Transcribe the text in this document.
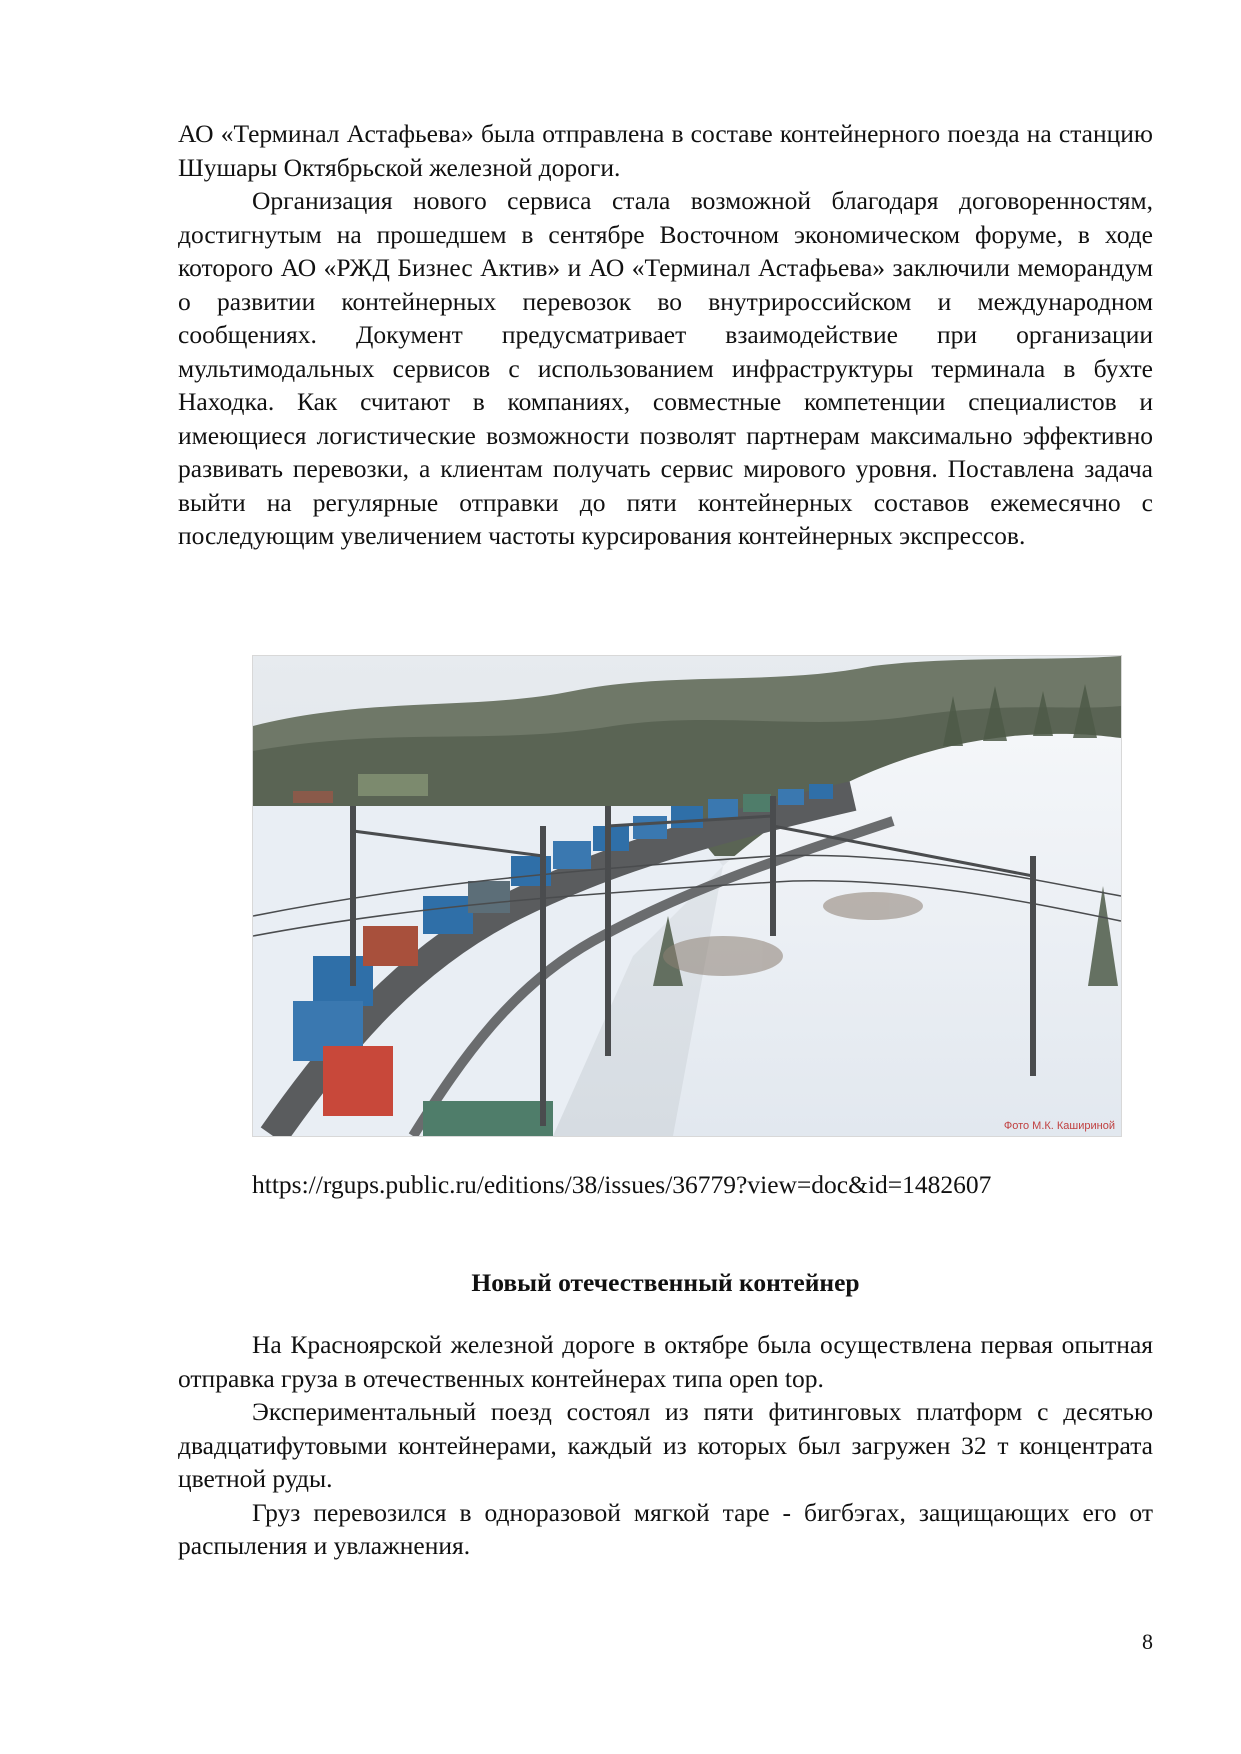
АО «Терминал Астафьева» была отправлена в составе контейнерного поезда на станцию Шушары Октябрьской железной дороги.

Организация нового сервиса стала возможной благодаря договоренностям, достигнутым на прошедшем в сентябре Восточном экономическом форуме, в ходе которого АО «РЖД Бизнес Актив» и АО «Терминал Астафьева» заключили меморандум о развитии контейнерных перевозок во внутрироссийском и международном сообщениях. Документ предусматривает взаимодействие при организации мультимодальных сервисов с использованием инфраструктуры терминала в бухте Находка. Как считают в компаниях, совместные компетенции специалистов и имеющиеся логистические возможности позволят партнерам максимально эффективно развивать перевозки, а клиентам получать сервис мирового уровня. Поставлена задача выйти на регулярные отправки до пяти контейнерных составов ежемесячно с последующим увеличением частоты курсирования контейнерных экспрессов.

Фото М.К. Кашириной
https://rgups.public.ru/editions/38/issues/36779?view=doc&id=1482607
Новый отечественный контейнер

На Красноярской железной дороге в октябре была осуществлена первая опытная отправка груза в отечественных контейнерах типа open top.

Экспериментальный поезд состоял из пяти фитинговых платформ с десятью двадцатифутовыми контейнерами, каждый из которых был загружен 32 т концентрата цветной руды.

Груз перевозился в одноразовой мягкой таре - бигбэгах, защищающих его от распыления и увлажнения.

8
